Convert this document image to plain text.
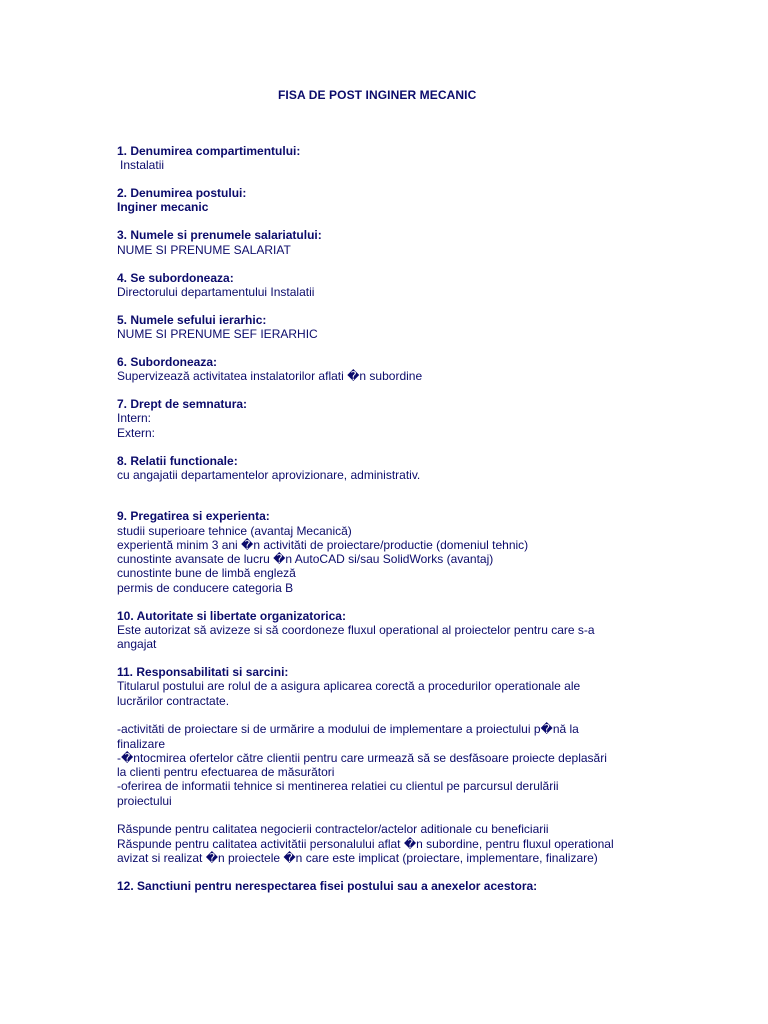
FISA DE POST INGINER MECANIC
1. Denumirea compartimentului:
Instalatii
2. Denumirea postului:
Inginer mecanic
3. Numele si prenumele salariatului:
NUME SI PRENUME SALARIAT
4. Se subordoneaza:
Directorului departamentului Instalatii
5. Numele sefului ierarhic:
NUME SI PRENUME SEF IERARHIC
6. Subordoneaza:
Supervizează activitatea instalatorilor aflati �n subordine
7. Drept de semnatura:
Intern:
Extern:
8. Relatii functionale:
cu angajatii departamentelor aprovizionare, administrativ.
9. Pregatirea si experienta:
studii superioare tehnice (avantaj Mecanică)
experientă minim 3 ani �n activităti de proiectare/productie (domeniul tehnic)
cunostinte avansate de lucru �n AutoCAD si/sau SolidWorks (avantaj)
cunostinte bune de limbă engleză
permis de conducere categoria B
10. Autoritate si libertate organizatorica:
Este autorizat să avizeze si să coordoneze fluxul operational al proiectelor pentru care s-a
angajat
11. Responsabilitati si sarcini:
Titularul postului are rolul de a asigura aplicarea corectă a procedurilor operationale ale
lucrărilor contractate.
-activităti de proiectare si de urmărire a modului de implementare a proiectului p�nă la
finalizare
-�ntocmirea ofertelor către clientii pentru care urmează să se desfăsoare proiecte deplasări
la clienti pentru efectuarea de măsurători
-oferirea de informatii tehnice si mentinerea relatiei cu clientul pe parcursul derulării
proiectului
Răspunde pentru calitatea negocierii contractelor/actelor aditionale cu beneficiarii
Răspunde pentru calitatea activitătii personalului aflat �n subordine, pentru fluxul operational
avizat si realizat �n proiectele �n care este implicat (proiectare, implementare, finalizare)
12. Sanctiuni pentru nerespectarea fisei postului sau a anexelor acestora:
